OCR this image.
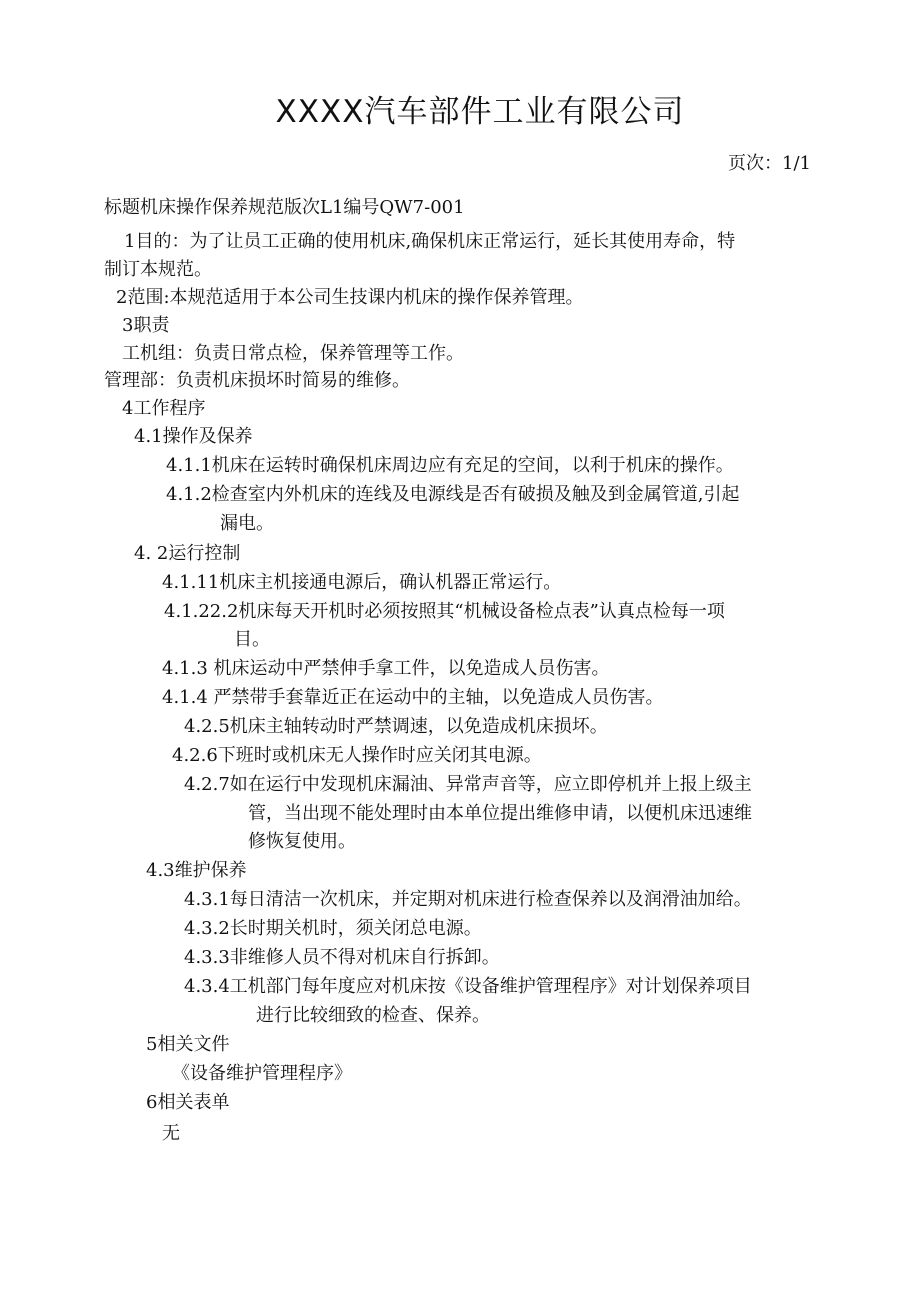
XXXX汽车部件工业有限公司
页次：1/1
标题机床操作保养规范版次L1编号QW7-001
1目的：为了让员工正确的使用机床,确保机床正常运行，延长其使用寿命，特
制订本规范。
2范围:本规范适用于本公司生技课内机床的操作保养管理。
3职责
工机组：负责日常点检，保养管理等工作。
管理部：负责机床损坏时简易的维修。
4工作程序
4.1操作及保养
4.1.1机床在运转时确保机床周边应有充足的空间，以利于机床的操作。
4.1.2检查室内外机床的连线及电源线是否有破损及触及到金属管道,引起
漏电。
4. 2运行控制
4.1.11机床主机接通电源后，确认机器正常运行。
4.1.22.2机床每天开机时必须按照其“机械设备检点表”认真点检每一项
目。
4.1.3 机床运动中严禁伸手拿工件，以免造成人员伤害。
4.1.4 严禁带手套靠近正在运动中的主轴，以免造成人员伤害。
4.2.5机床主轴转动时严禁调速，以免造成机床损坏。
4.2.6下班时或机床无人操作时应关闭其电源。
4.2.7如在运行中发现机床漏油、异常声音等，应立即停机并上报上级主
管，当出现不能处理时由本单位提出维修申请，以便机床迅速维
修恢复使用。
4.3维护保养
4.3.1每日清洁一次机床，并定期对机床进行检查保养以及润滑油加给。
4.3.2长时期关机时，须关闭总电源。
4.3.3非维修人员不得对机床自行拆卸。
4.3.4工机部门每年度应对机床按《设备维护管理程序》对计划保养项目
进行比较细致的检查、保养。
5相关文件
《设备维护管理程序》
6相关表单
无
